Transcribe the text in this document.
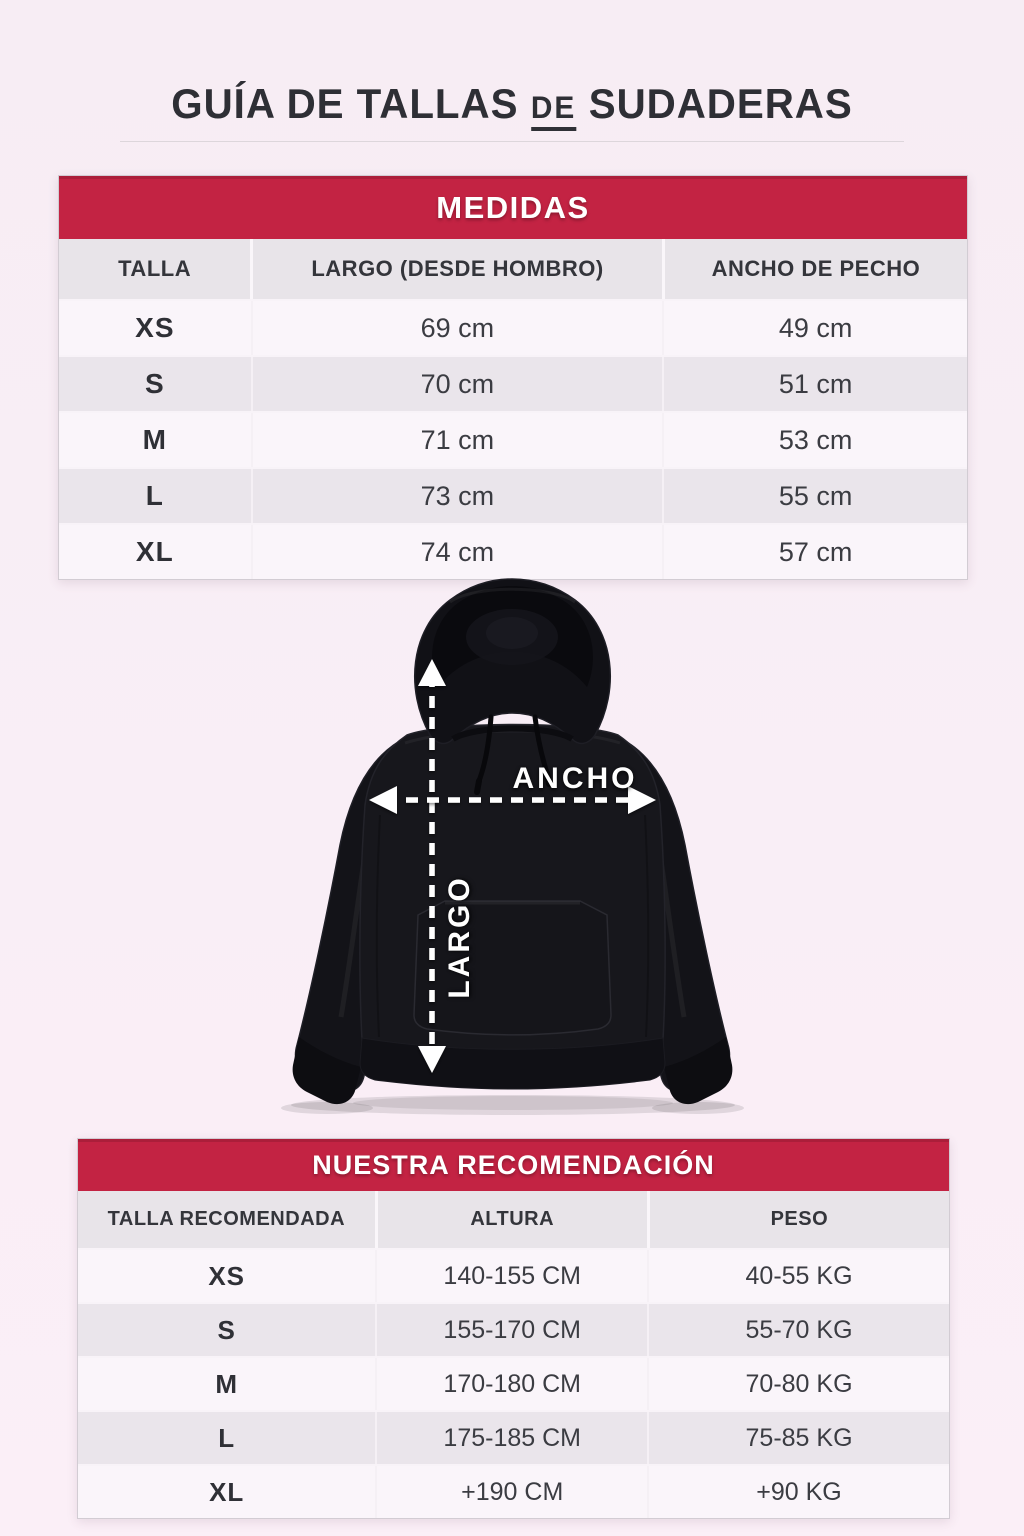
GUÍA DE TALLAS DE SUDADERAS
MEDIDAS
TALLA	LARGO (DESDE HOMBRO)	ANCHO DE PECHO
XS	69 cm	49 cm
S	70 cm	51 cm
M	71 cm	53 cm
L	73 cm	55 cm
XL	74 cm	57 cm
ANCHO
LARGO
NUESTRA RECOMENDACIÓN
TALLA RECOMENDADA	ALTURA	PESO
XS	140-155 CM	40-55 KG
S	155-170 CM	55-70 KG
M	170-180 CM	70-80 KG
L	175-185 CM	75-85 KG
XL	+190 CM	+90 KG
